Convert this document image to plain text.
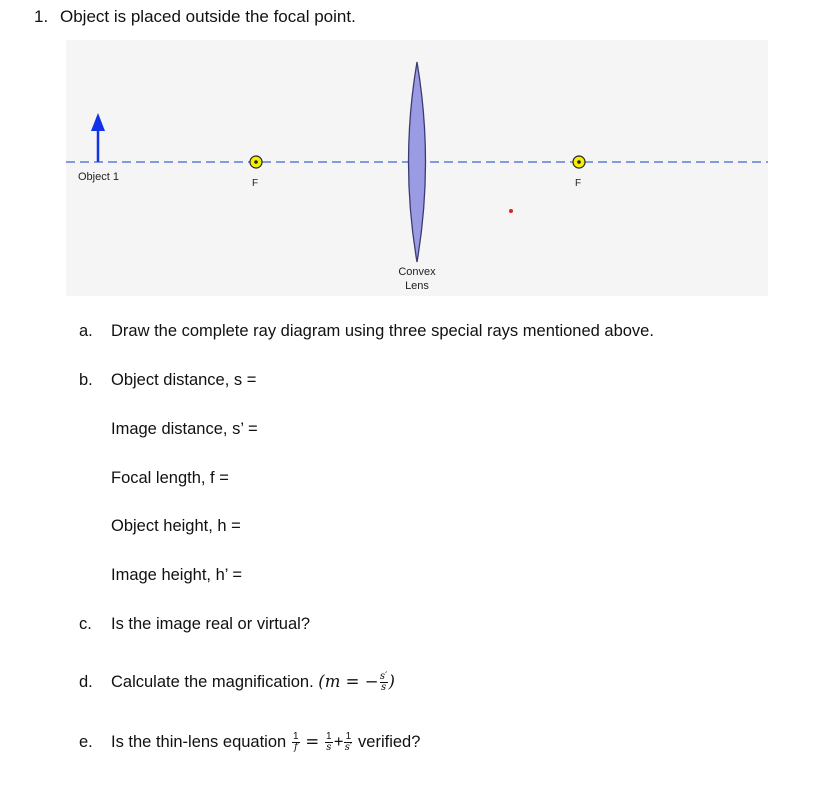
1. Object is placed outside the focal point.
Object 1
F	F
Convex
Lens
a. Draw the complete ray diagram using three special rays mentioned above.
b. Object distance, s =
Image distance, s’ =
Focal length, f =
Object height, h =
Image height, h’ =
c. Is the image real or virtual?
d. Calculate the magnification. (m = − $\frac{s'}{s}$ )
e. Is the thin-lens equation $\frac{1}{f} = \frac{1}{s} + \frac{1}{s'}$ verified?
